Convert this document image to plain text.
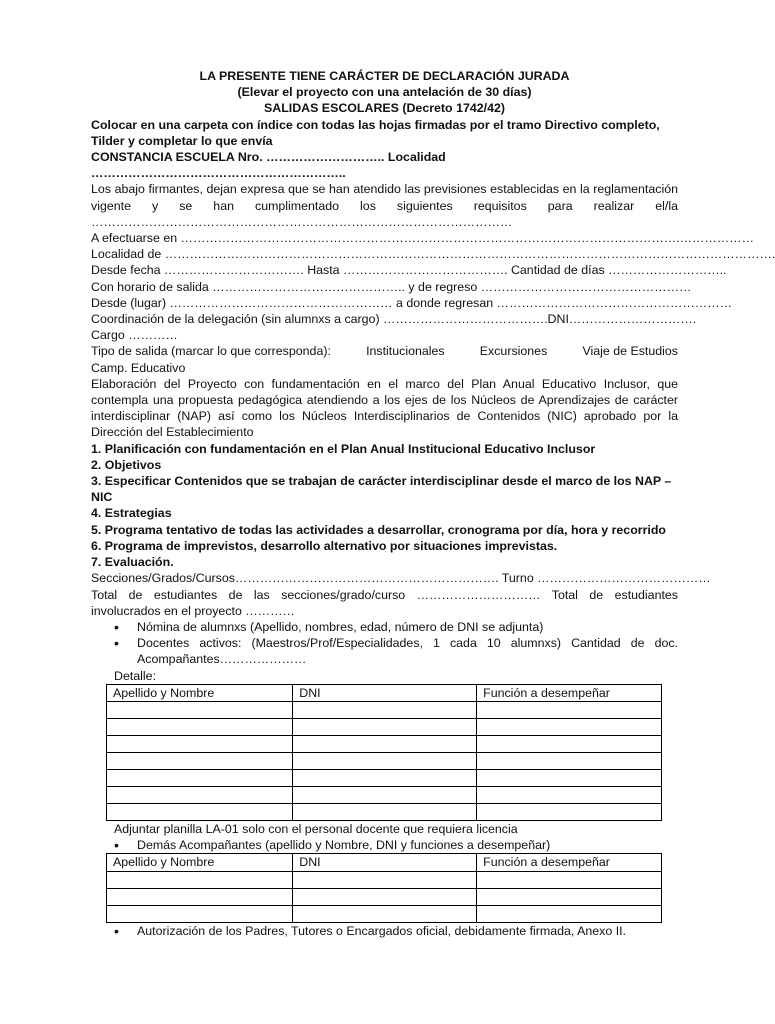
LA PRESENTE TIENE CARÁCTER DE DECLARACIÓN JURADA
(Elevar el proyecto con una antelación de 30 días)
SALIDAS ESCOLARES (Decreto 1742/42)
Colocar en una carpeta con índice con todas las hojas firmadas por el tramo Directivo completo, Tilder y completar lo que envía
CONSTANCIA ESCUELA Nro. ……………………….. Localidad ……………………………………………………..
Los abajo firmantes, dejan expresa que se han atendido las previsiones establecidas en la reglamentación vigente y se han cumplimentado los siguientes requisitos para realizar el/la …………………………………………………………………………………………
A efectuarse en ………………………………………………………………………………………………………….………………
Localidad de ………………………………………………………………………………………………………………………………….
Desde fecha ……………………………. Hasta …………………………………. Cantidad de días ………………………..
Con horario de salida ……………………………………….. y de regreso ……………………………………………
Desde (lugar) ……………………………………………… a donde regresan …………………………………………………
Coordinación de la delegación (sin alumnxs a cargo) ………………………………….DNI………………………….
Cargo …………
Tipo de salida (marcar lo que corresponda):	Institucionales	Excursiones	Viaje de Estudios
Camp. Educativo
Elaboración del Proyecto con fundamentación en el marco del Plan Anual Educativo Inclusor, que contempla una propuesta pedagógica atendiendo a los ejes de los Núcleos de Aprendizajes de carácter interdisciplinar (NAP) así como los Núcleos Interdisciplinarios de Contenidos (NIC) aprobado por la Dirección del Establecimiento
1. Planificación con fundamentación en el Plan Anual Institucional Educativo Inclusor
2. Objetivos
3. Especificar Contenidos que se trabajan de carácter interdisciplinar desde el marco de los NAP – NIC
4. Estrategias
5. Programa tentativo de todas las actividades a desarrollar, cronograma por día, hora y recorrido
6. Programa de imprevistos, desarrollo alternativo por situaciones imprevistas.
7. Evaluación.
Secciones/Grados/Cursos………………………………………………………. Turno ……………………………………
Total de estudiantes de las secciones/grado/curso ………………………… Total de estudiantes involucrados en el proyecto …………
• Nómina de alumnxs (Apellido, nombres, edad, número de DNI se adjunta)
• Docentes activos: (Maestros/Prof/Especialidades, 1 cada 10 alumnxs) Cantidad de doc. Acompañantes…………………
Detalle:
Apellido y Nombre	DNI	Función a desempeñar

Adjuntar planilla LA-01 solo con el personal docente que requiera licencia
• Demás Acompañantes (apellido y Nombre, DNI y funciones a desempeñar)
Apellido y Nombre	DNI	Función a desempeñar

• Autorización de los Padres, Tutores o Encargados oficial, debidamente firmada, Anexo II.
